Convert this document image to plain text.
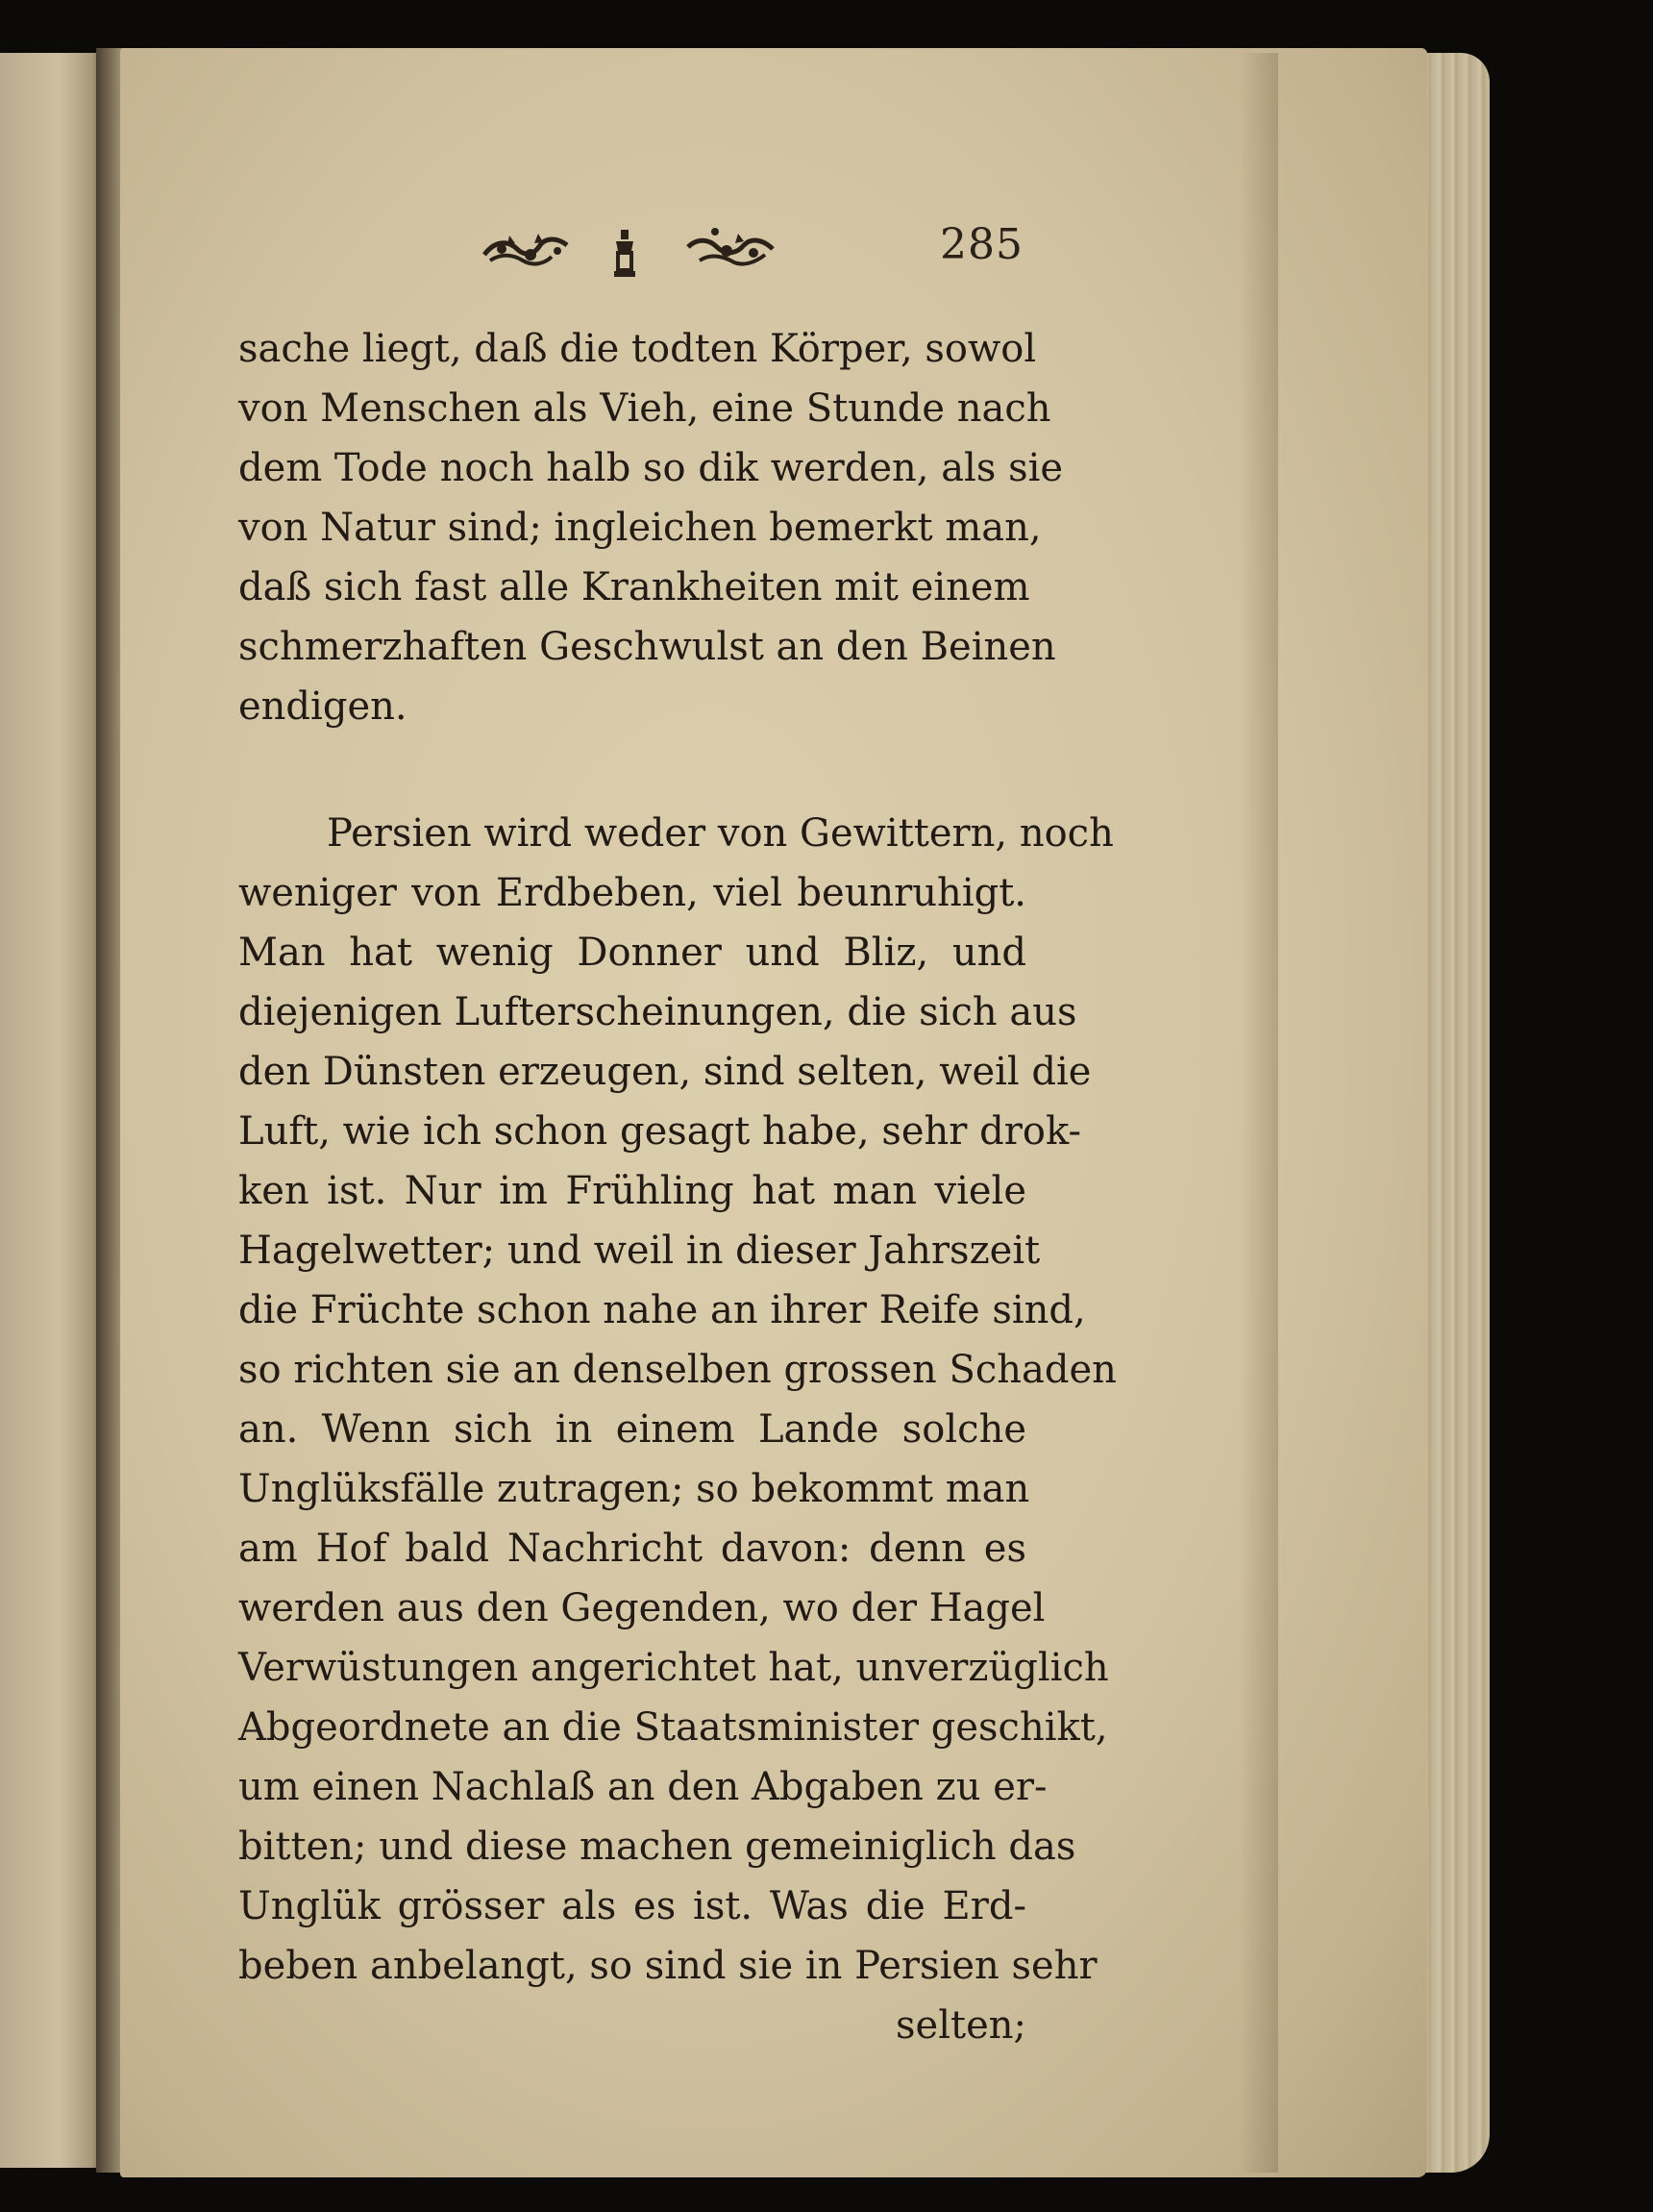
285
sache liegt, daß die todten Körper, sowol
von Menschen als Vieh, eine Stunde nach
dem Tode noch halb so dik werden, als sie
von Natur sind; ingleichen bemerkt man,
daß sich fast alle Krankheiten mit einem
schmerzhaften Geschwulst an den Beinen
endigen.
Persien wird weder von Gewittern, noch
weniger von Erdbeben, viel beunruhigt.
Man hat wenig Donner und Bliz, und
diejenigen Lufterscheinungen, die sich aus
den Dünsten erzeugen, sind selten, weil die
Luft, wie ich schon gesagt habe, sehr drok-
ken ist. Nur im Frühling hat man viele
Hagelwetter; und weil in dieser Jahrszeit
die Früchte schon nahe an ihrer Reife sind,
so richten sie an denselben grossen Schaden
an. Wenn sich in einem Lande solche
Unglüksfälle zutragen; so bekommt man
am Hof bald Nachricht davon: denn es
werden aus den Gegenden, wo der Hagel
Verwüstungen angerichtet hat, unverzüglich
Abgeordnete an die Staatsminister geschikt,
um einen Nachlaß an den Abgaben zu er-
bitten; und diese machen gemeiniglich das
Unglük grösser als es ist. Was die Erd-
beben anbelangt, so sind sie in Persien sehr
selten;
